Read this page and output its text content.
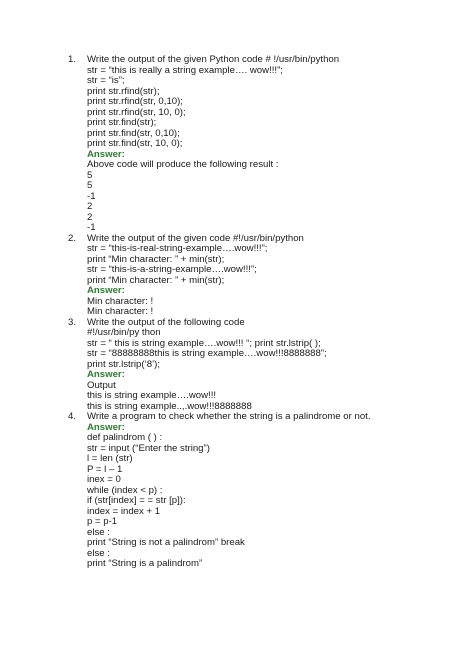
1.	Write the output of the given Python code # !/usr/bin/python
str = “this is really a string example…. wow!!!”;
str = “is”;
print str.rfind(str);
print str.rfind(str, 0,10);
print str.rfind(str, 10, 0);
print str.find(str);
print str.find(str, 0,10);
print str.find(str, 10, 0);
Answer:
Above code will produce the following result :
5
5
-1
2
2
-1
2.	Write the output of the given code #!/usr/bin/python
str = “this-is-real-string-example….wow!!!”;
print “Min character: ” + min(str);
str = “this-is-a-string-example….wow!!!”;
print “Min character: ” + min(str);
Answer:
Min character: !
Min character: !
3.	Write the output of the following code
#!/usr/bin/py thon
str = “ this is string example….wow!!! “; print str.lstrip( );
str = “88888888this is string example….wow!!!8888888”;
print str.lstrip(‘8’);
Answer:
Output
this is string example….wow!!!
this is string example..,.wow!!!8888888
4.	Write a program to check whether the string is a palindrome or not.
Answer:
def palindrom ( ) :
str = input (“Enter the string”)
l = len (str)
P = l – 1
inex = 0
while (index < p) :
if (str[index] = = str [p]):
index = index + 1
p = p-1
else :
print “String is not a palindrom” break
else :
print “String is a palindrom”
